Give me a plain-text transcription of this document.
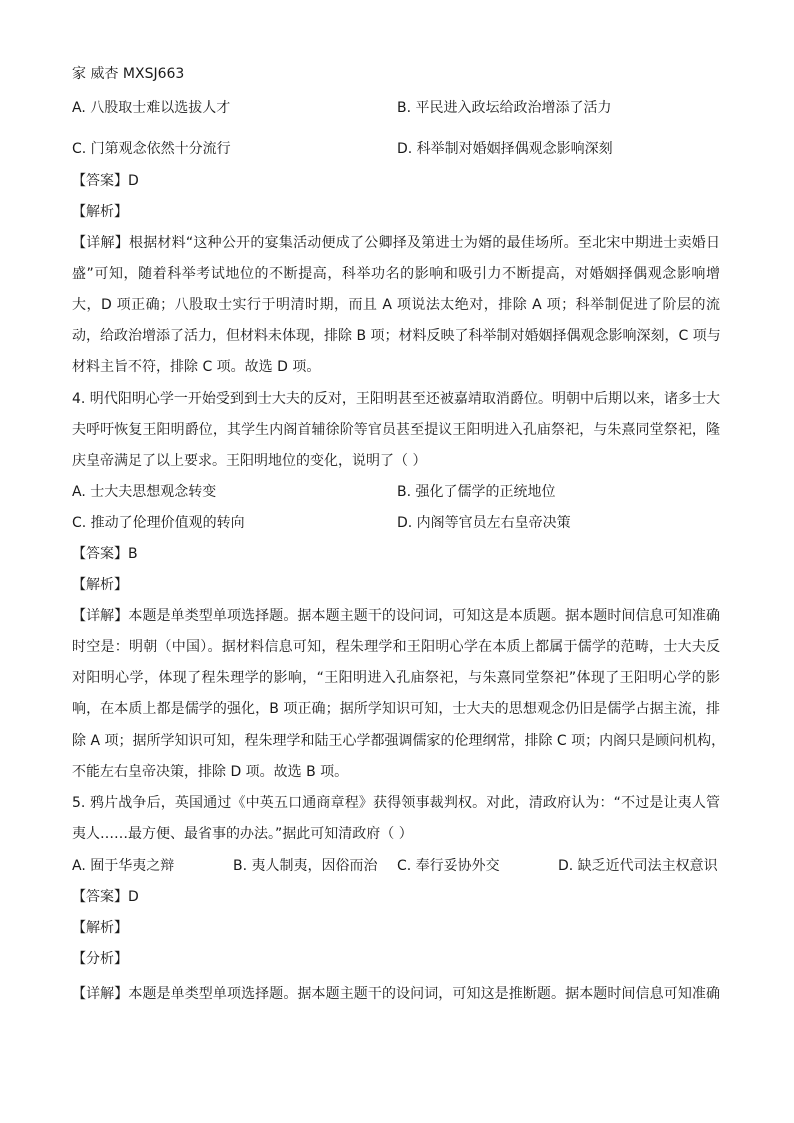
家 威杏 MXSJ663
A. 八股取士难以选拔人才	B. 平民进入政坛给政治增添了活力
C. 门第观念依然十分流行	D. 科举制对婚姻择偶观念影响深刻
【答案】D
【解析】
【详解】根据材料“这种公开的宴集活动便成了公卿择及第进士为婿的最佳场所。至北宋中期进士卖婚日
盛”可知，随着科举考试地位的不断提高，科举功名的影响和吸引力不断提高，对婚姻择偶观念影响增
大，D 项正确；八股取士实行于明清时期，而且 A 项说法太绝对，排除 A 项；科举制促进了阶层的流
动，给政治增添了活力，但材料未体现，排除 B 项；材料反映了科举制对婚姻择偶观念影响深刻，C 项与
材料主旨不符，排除 C 项。故选 D 项。
4. 明代阳明心学一开始受到到士大夫的反对，王阳明甚至还被嘉靖取消爵位。明朝中后期以来，诸多士大
夫呼吁恢复王阳明爵位，其学生内阁首辅徐阶等官员甚至提议王阳明进入孔庙祭祀，与朱熹同堂祭祀，隆
庆皇帝满足了以上要求。王阳明地位的变化，说明了（ ）
A. 士大夫思想观念转变	B. 强化了儒学的正统地位
C. 推动了伦理价值观的转向	D. 内阁等官员左右皇帝决策
【答案】B
【解析】
【详解】本题是单类型单项选择题。据本题主题干的设问词，可知这是本质题。据本题时间信息可知准确
时空是：明朝（中国）。据材料信息可知，程朱理学和王阳明心学在本质上都属于儒学的范畴，士大夫反
对阳明心学，体现了程朱理学的影响，“王阳明进入孔庙祭祀，与朱熹同堂祭祀”体现了王阳明心学的影
响，在本质上都是儒学的强化，B 项正确；据所学知识可知，士大夫的思想观念仍旧是儒学占据主流，排
除 A 项；据所学知识可知，程朱理学和陆王心学都强调儒家的伦理纲常，排除 C 项；内阁只是顾问机构，
不能左右皇帝决策，排除 D 项。故选 B 项。
5. 鸦片战争后，英国通过《中英五口通商章程》获得领事裁判权。对此，清政府认为：“不过是让夷人管
夷人……最方便、最省事的办法。”据此可知清政府（ ）
A. 囿于华夷之辩	B. 夷人制夷，因俗而治 C. 奉行妥协外交	D. 缺乏近代司法主权意识
【答案】D
【解析】
【分析】
【详解】本题是单类型单项选择题。据本题主题干的设问词，可知这是推断题。据本题时间信息可知准确
